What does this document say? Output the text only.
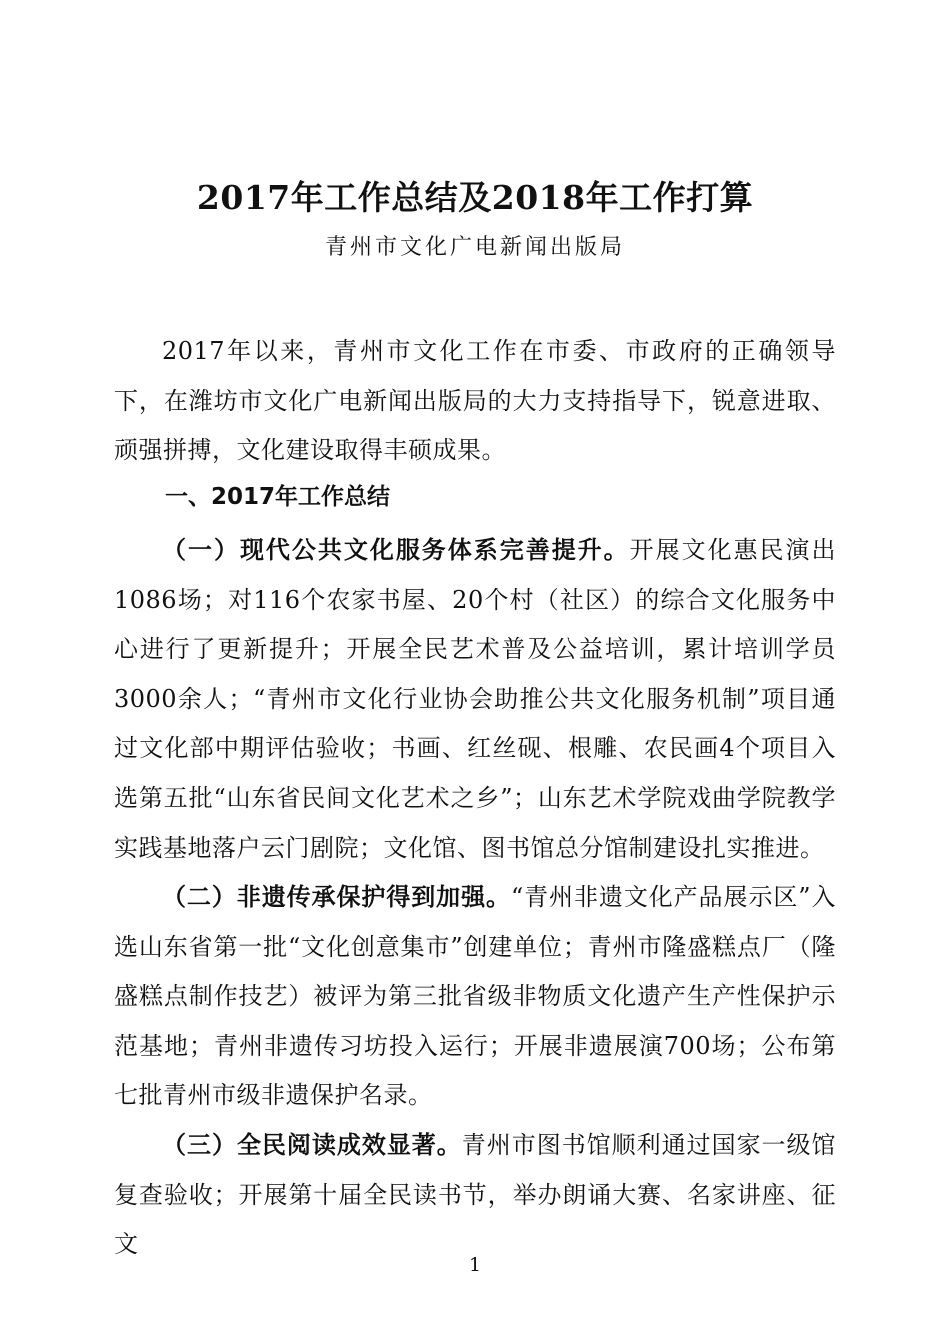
2017年工作总结及2018年工作打算
青州市文化广电新闻出版局

2017年以来，青州市文化工作在市委、市政府的正确领导下，在潍坊市文化广电新闻出版局的大力支持指导下，锐意进取、顽强拼搏，文化建设取得丰硕成果。

一、2017年工作总结

（一）现代公共文化服务体系完善提升。开展文化惠民演出1086场；对116个农家书屋、20个村（社区）的综合文化服务中心进行了更新提升；开展全民艺术普及公益培训，累计培训学员3000余人；“青州市文化行业协会助推公共文化服务机制”项目通过文化部中期评估验收；书画、红丝砚、根雕、农民画4个项目入选第五批“山东省民间文化艺术之乡”；山东艺术学院戏曲学院教学实践基地落户云门剧院；文化馆、图书馆总分馆制建设扎实推进。

（二）非遗传承保护得到加强。“青州非遗文化产品展示区”入选山东省第一批“文化创意集市”创建单位；青州市隆盛糕点厂（隆盛糕点制作技艺）被评为第三批省级非物质文化遗产生产性保护示范基地；青州非遗传习坊投入运行；开展非遗展演700场；公布第七批青州市级非遗保护名录。

（三）全民阅读成效显著。青州市图书馆顺利通过国家一级馆复查验收；开展第十届全民读书节，举办朗诵大赛、名家讲座、征文

1
